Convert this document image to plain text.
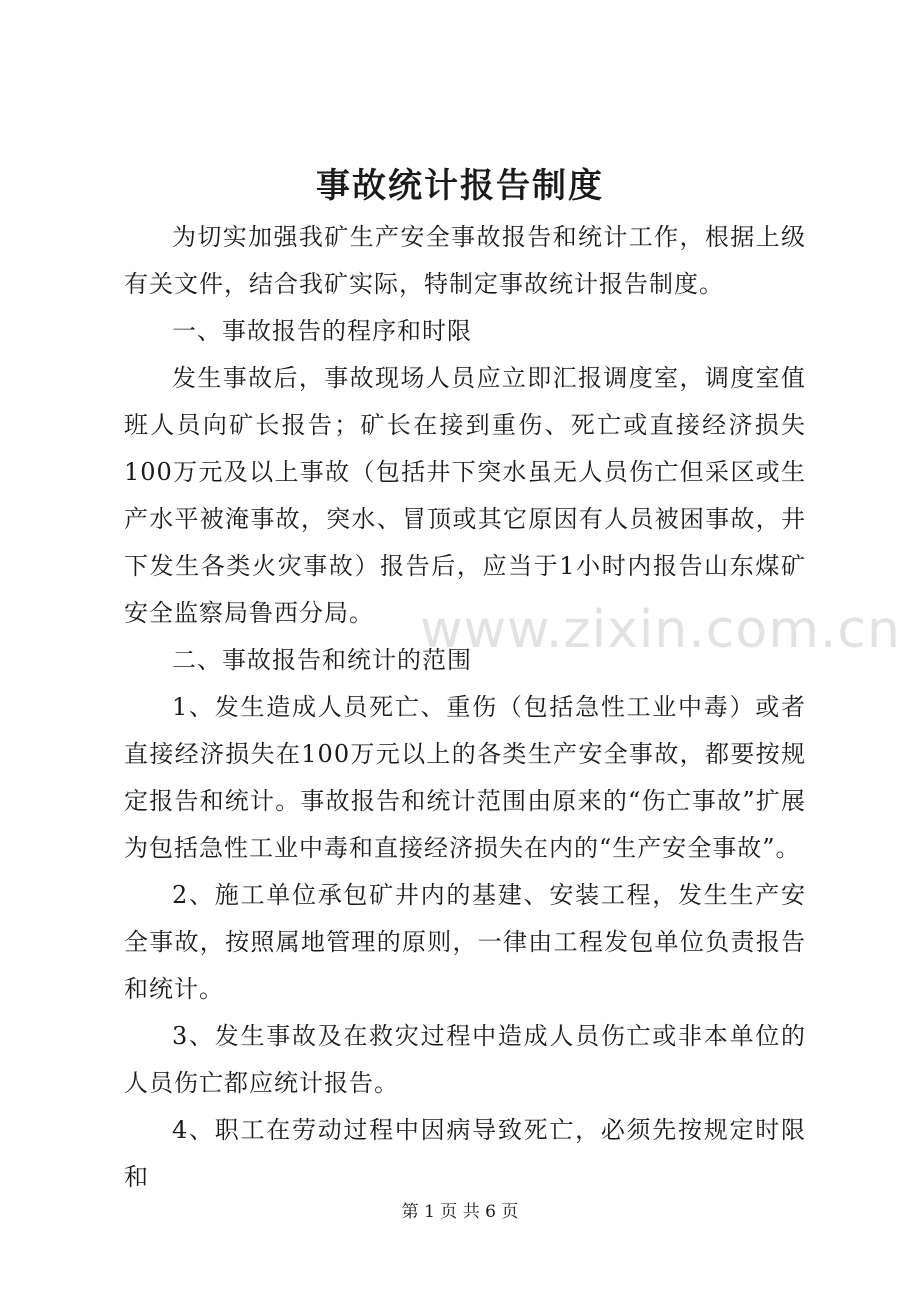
事故统计报告制度

为切实加强我矿生产安全事故报告和统计工作，根据上级有关文件，结合我矿实际，特制定事故统计报告制度。

一、事故报告的程序和时限

发生事故后，事故现场人员应立即汇报调度室，调度室值班人员向矿长报告；矿长在接到重伤、死亡或直接经济损失100万元及以上事故（包括井下突水虽无人员伤亡但采区或生产水平被淹事故，突水、冒顶或其它原因有人员被困事故，井下发生各类火灾事故）报告后，应当于1小时内报告山东煤矿安全监察局鲁西分局。

二、事故报告和统计的范围

1、发生造成人员死亡、重伤（包括急性工业中毒）或者直接经济损失在100万元以上的各类生产安全事故，都要按规定报告和统计。事故报告和统计范围由原来的“伤亡事故”扩展为包括急性工业中毒和直接经济损失在内的“生产安全事故”。

2、施工单位承包矿井内的基建、安装工程，发生生产安全事故，按照属地管理的原则，一律由工程发包单位负责报告和统计。

3、发生事故及在救灾过程中造成人员伤亡或非本单位的人员伤亡都应统计报告。

4、职工在劳动过程中因病导致死亡，必须先按规定时限和

www.zixin.com.cn
第 1 页 共 6 页
